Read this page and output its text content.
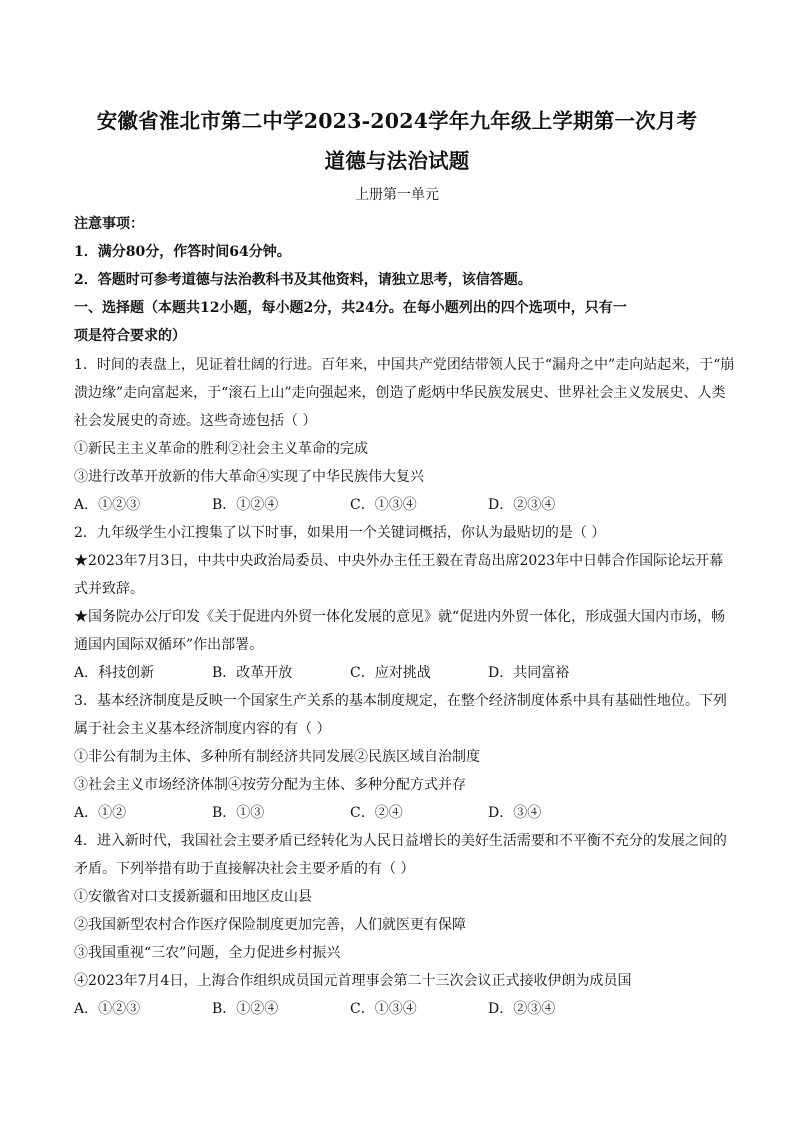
安徽省淮北市第二中学2023-2024学年九年级上学期第一次月考
道德与法治试题
上册第一单元
注意事项：
1．满分80分，作答时间64分钟。
2．答题时可参考道德与法治教科书及其他资料，请独立思考，该信答题。
一、选择题（本题共12小题，每小题2分，共24分。在每小题列出的四个选项中，只有一
项是符合要求的）
1．时间的表盘上，见证着壮阔的行进。百年来，中国共产党团结带领人民于“漏舟之中”走向站起来，于“崩
溃边缘”走向富起来，于“滚石上山”走向强起来，创造了彪炳中华民族发展史、世界社会主义发展史、人类
社会发展史的奇迹。这些奇迹包括（ ）
①新民主主义革命的胜利②社会主义革命的完成
③进行改革开放新的伟大革命④实现了中华民族伟大复兴
A．①②③	B．①②④	C．①③④	D．②③④
2．九年级学生小江搜集了以下时事，如果用一个关键词概括，你认为最贴切的是（ ）
★2023年7月3日，中共中央政治局委员、中央外办主任王毅在青岛出席2023年中日韩合作国际论坛开幕
式并致辞。
★国务院办公厅印发《关于促进内外贸一体化发展的意见》就“促进内外贸一体化，形成强大国内市场，畅
通国内国际双循环”作出部署。
A．科技创新	B．改革开放	C．应对挑战	D．共同富裕
3．基本经济制度是反映一个国家生产关系的基本制度规定，在整个经济制度体系中具有基础性地位。下列
属于社会主义基本经济制度内容的有（ ）
①非公有制为主体、多种所有制经济共同发展②民族区域自治制度
③社会主义市场经济体制④按劳分配为主体、多种分配方式并存
A．①②	B．①③	C．②④	D．③④
4．进入新时代，我国社会主要矛盾已经转化为人民日益增长的美好生活需要和不平衡不充分的发展之间的
矛盾。下列举措有助于直接解决社会主要矛盾的有（ ）
①安徽省对口支援新疆和田地区皮山县
②我国新型农村合作医疗保险制度更加完善，人们就医更有保障
③我国重视“三农”问题，全力促进乡村振兴
④2023年7月4日，上海合作组织成员国元首理事会第二十三次会议正式接收伊朗为成员国
A．①②③	B．①②④	C．①③④	D．②③④
